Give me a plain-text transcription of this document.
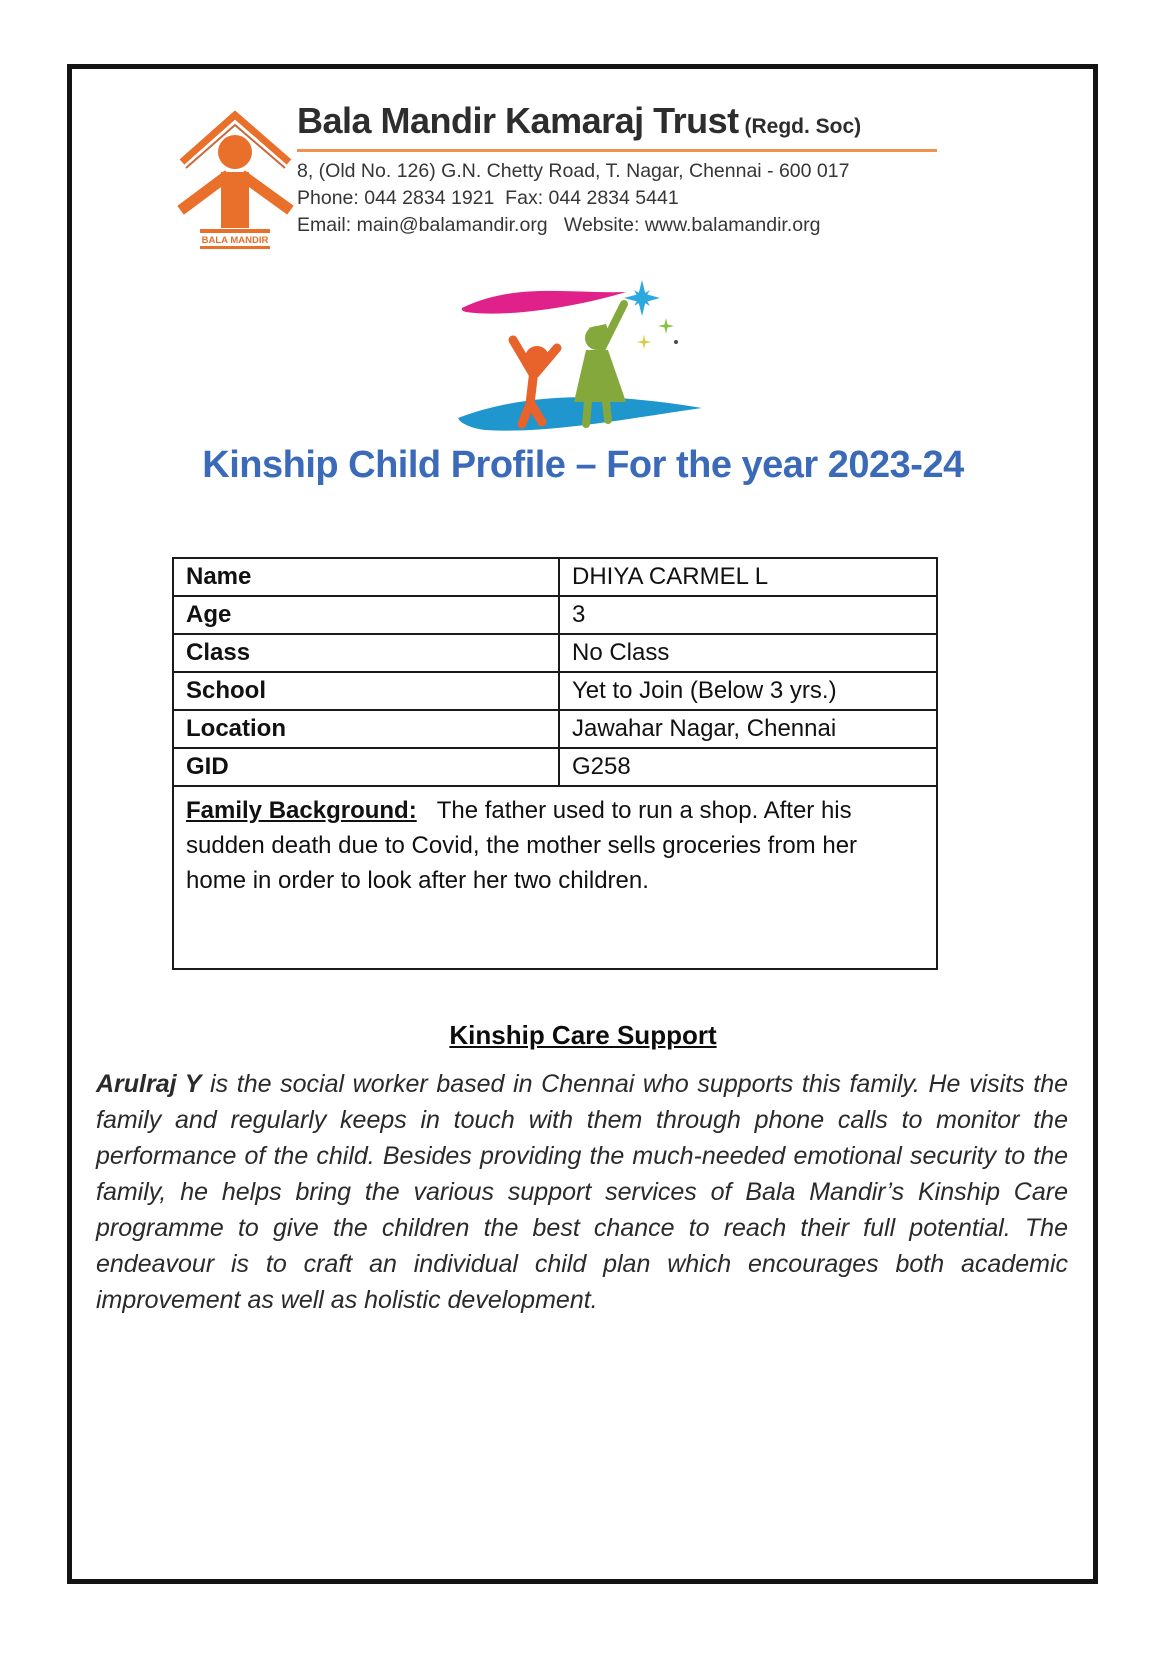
BALA MANDIR
Bala Mandir Kamaraj Trust (Regd. Soc)
8, (Old No. 126) G.N. Chetty Road, T. Nagar, Chennai - 600 017
Phone: 044 2834 1921  Fax: 044 2834 5441
Email: main@balamandir.org   Website: www.balamandir.org
Kinship Child Profile – For the year 2023-24
Name	DHIYA CARMEL L
Age	3
Class	No Class
School	Yet to Join (Below 3 yrs.)
Location	Jawahar Nagar, Chennai
GID	G258
Family Background: The father used to run a shop. After his sudden death due to Covid, the mother sells groceries from her home in order to look after her two children.	
Kinship Care Support
Arulraj Y is the social worker based in Chennai who supports this family. He visits the family and regularly keeps in touch with them through phone calls to monitor the performance of the child. Besides providing the much-needed emotional security to the family, he helps bring the various support services of Bala Mandir’s Kinship Care programme to give the children the best chance to reach their full potential. The endeavour is to craft an individual child plan which encourages both academic improvement as well as holistic development.
